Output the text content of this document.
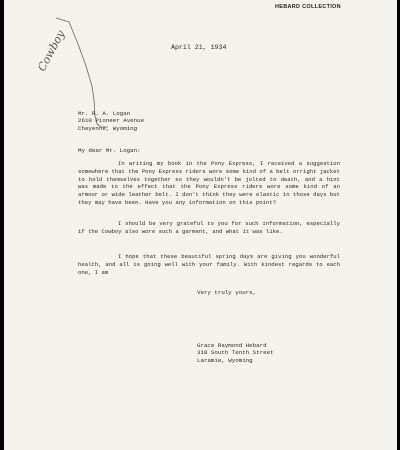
HEBARD COLLECTION
Cowboy	April 21, 1934
Mr. R. A. Logan
2610 Pioneer Avenue
Cheyenne, Wyoming
My dear Mr. Logan:

In writing my book in the Pony Express, I received a suggestion somewhere that the Pony Express riders wore some kind of a belt orright jacket to hold themselves together so they wouldn't be jolted to death, and a hint was made to the effect that the Pony Express riders wore some kind of an armour or wide leather belt. I don't think they were elastic in those days but they may have been. Have you any information on this point?

I should be very grateful to you for such information, especially if the Cowboy also wore such a garment, and what it was like.

I hope that these beautiful spring days are giving you wonderful health, and all is going well with your family. With kindest regards to each one, I am

Very truly yours,
Grace Raymond Hebard
318 South Tenth Street
Laramie, Wyoming
